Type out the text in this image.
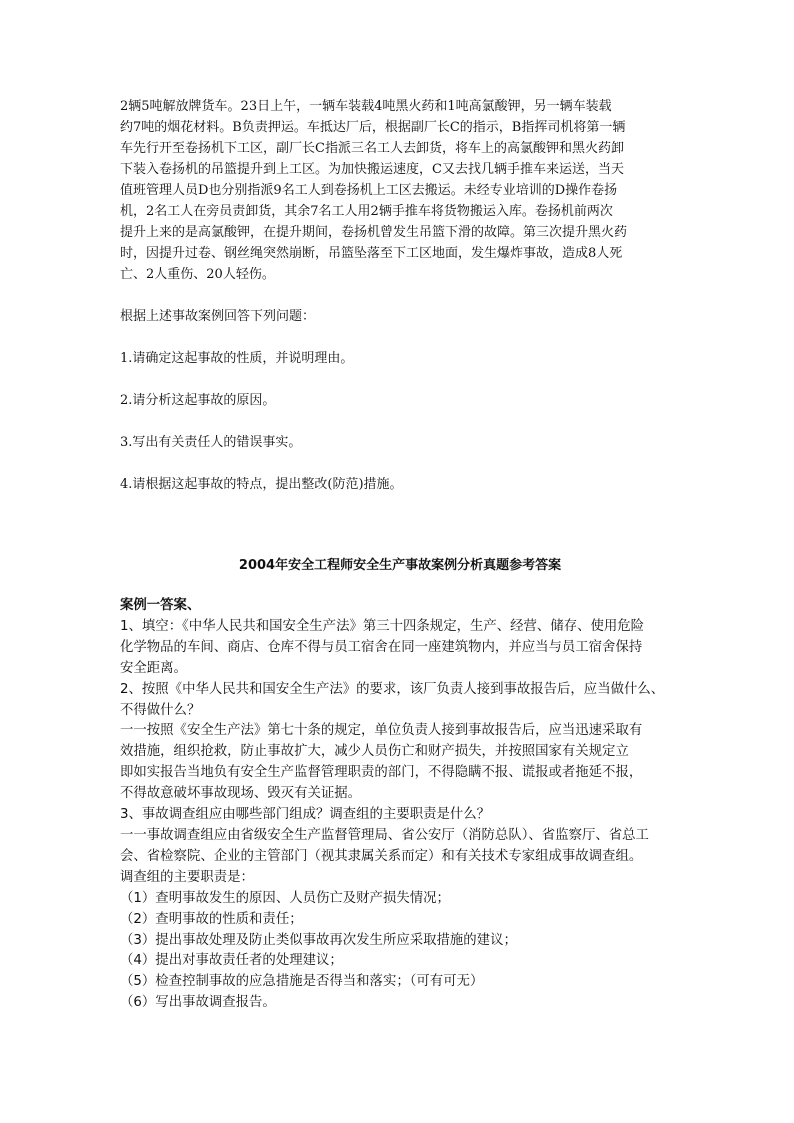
2辆5吨解放牌货车。23日上午，一辆车装载4吨黑火药和1吨高氯酸钾，另一辆车装载

约7吨的烟花材料。B负责押运。车抵达厂后，根据副厂长C的指示，B指挥司机将第一辆

车先行开至卷扬机下工区，副厂长C指派三名工人去卸货，将车上的高氯酸钾和黑火药卸

下装入卷扬机的吊篮提升到上工区。为加快搬运速度，C又去找几辆手推车来运送，当天

值班管理人员D也分别指派9名工人到卷扬机上工区去搬运。未经专业培训的D操作卷扬

机，2名工人在旁员责卸货，其余7名工人用2辆手推车将货物搬运入库。卷扬机前两次

提升上来的是高氯酸钾，在提升期间，卷扬机曾发生吊篮下滑的故障。第三次提升黑火药

时，因提升过卷、钢丝绳突然崩断，吊篮坠落至下工区地面，发生爆炸事故，造成8人死

亡、2人重伤、20人轻伤。

根据上述事故案例回答下列问题：

1.请确定这起事故的性质，并说明理由。

2.请分析这起事故的原因。

3.写出有关责任人的错误事实。

4.请根据这起事故的特点，提出整改(防范)措施。

2004年安全工程师安全生产事故案例分析真题参考答案

案例一答案、

1、填空：《中华人民共和国安全生产法》第三十四条规定，生产、经营、储存、使用危险

化学物品的车间、商店、仓库不得与员工宿舍在同一座建筑物内，并应当与员工宿舍保持

安全距离。

2、按照《中华人民共和国安全生产法》的要求，该厂负责人接到事故报告后，应当做什么、

不得做什么？

一一按照《安全生产法》第七十条的规定，单位负责人接到事故报告后，应当迅速采取有

效措施，组织抢救，防止事故扩大，减少人员伤亡和财产损失，并按照国家有关规定立

即如实报告当地负有安全生产监督管理职责的部门，不得隐瞒不报、谎报或者拖延不报，

不得故意破坏事故现场、毁灭有关证据。

3、事故调查组应由哪些部门组成？调查组的主要职责是什么？

一一事故调查组应由省级安全生产监督管理局、省公安厅（消防总队）、省监察厅、省总工

会、省检察院、企业的主管部门（视其隶属关系而定）和有关技术专家组成事故调查组。

调查组的主要职责是：

（1）查明事故发生的原因、人员伤亡及财产损失情况；

（2）查明事故的性质和责任；

（3）提出事故处理及防止类似事故再次发生所应采取措施的建议；

（4）提出对事故责任者的处理建议；

（5）检查控制事故的应急措施是否得当和落实；（可有可无）

（6）写出事故调查报告。
